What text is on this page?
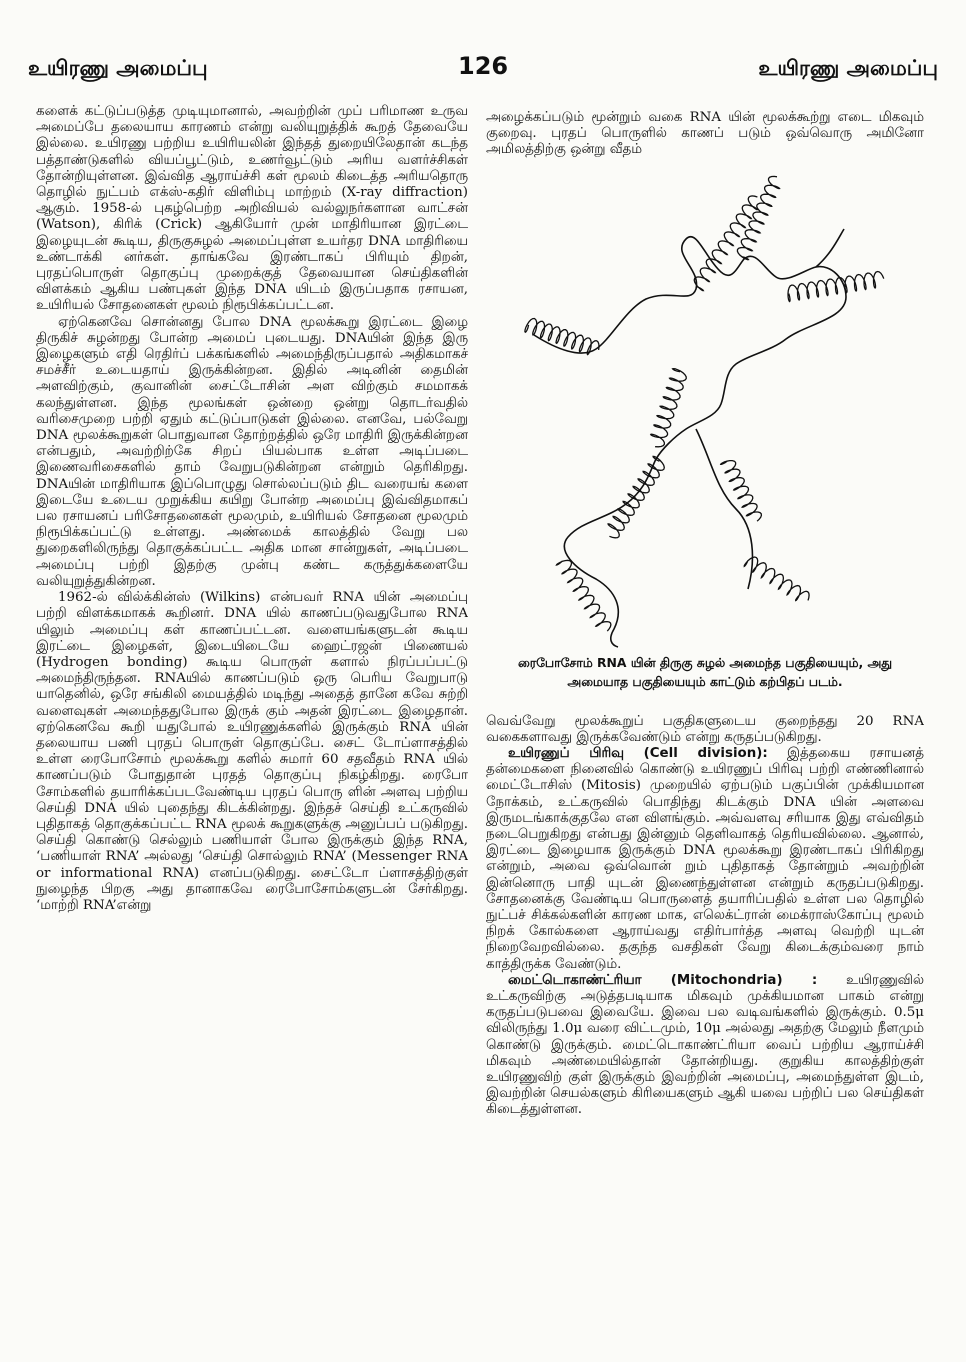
உயிரணு அமைப்பு	126	உயிரணு அமைப்பு

களைக் கட்டுப்படுத்த முடியுமானால், அவற்றின் முப் பரிமாண உருவ அமைப்பே தலையாய காரணம் என்று வலியுறுத்திக் கூறத் தேவையே இல்லை. உயிரணு பற்றிய உயிரியலின் இந்தத் துறையிலேதான் கடந்த பத்தாண்டுகளில் வியப்பூட்டும், உணர்வூட்டும் அரிய வளர்ச்சிகள் தோன்றியுள்ளன. இவ்வித ஆராய்ச்சி கள் மூலம் கிடைத்த அரியதொரு தொழில் நுட்பம் எக்ஸ்-கதிர் விளிம்பு மாற்றம் (X-ray diffraction) ஆகும். 1958-ல் புகழ்பெற்ற அறிவியல் வல்லுநர்களான வாட்சன் (Watson), கிரிக் (Crick) ஆகியோர் முன் மாதிரியான இரட்டை இழையுடன் கூடிய, திருகுசுழல் அமைப்புள்ள உயர்தர DNA மாதிரியை உண்டாக்கி னர்கள். தாங்கவே இரண்டாகப் பிரியும் திறன், புரதப்பொருள் தொகுப்பு முறைக்குத் தேவையான செய்திகளின் விளக்கம் ஆகிய பண்புகள் இந்த DNA யிடம் இருப்பதாக ரசாயன, உயிரியல் சோதனைகள் மூலம் நிரூபிக்கப்பட்டன.

ஏற்கெனவே சொன்னது போல DNA மூலக்கூறு இரட்டை இழை திருகிச் சுழன்றது போன்ற அமைப் புடையது. DNAயின் இந்த இரு இழைகளும் எதி ரெதிர்ப் பக்கங்களில் அமைந்திருப்பதால் அதிகமாகச் சமச்சீர் உடையதாய் இருக்கின்றன. இதில் அடினின் தைமின் அளவிற்கும், குவானின் சைட்டோசின் அள விற்கும் சமமாகக் கலந்துள்ளன. இந்த மூலங்கள் ஒன்றை ஒன்று தொடர்வதில் வரிசைமுறை பற்றி ஏதும் கட்டுப்பாடுகள் இல்லை. எனவே, பல்வேறு DNA மூலக்கூறுகள் பொதுவான தோற்றத்தில் ஒரே மாதிரி இருக்கின்றன என்பதும், அவற்றிற்கே சிறப் பியல்பாக உள்ள அடிப்படை இணைவரிசைகளில் தாம் வேறுபடுகின்றன என்றும் தெரிகிறது. DNAயின் மாதிரியாக இப்பொழுது சொல்லப்படும் திட வரையங் களை இடையே உடைய முறுக்கிய கயிறு போன்ற அமைப்பு இவ்விதமாகப் பல ரசாயனப் பரிசோதனைகள் மூலமும், உயிரியல் சோதனை மூலமும் நிரூபிக்கப்பட்டு உள்ளது. அண்மைக் காலத்தில் வேறு பல துறைகளிலிருந்து தொகுக்கப்பட்ட அதிக மான சான்றுகள், அடிப்படை அமைப்பு பற்றி இதற்கு முன்பு கண்ட கருத்துக்களையே வலியுறுத்துகின்றன.

1962-ல் வில்க்கின்ஸ் (Wilkins) என்பவர் RNA யின் அமைப்பு பற்றி விளக்கமாகக் கூறினர். DNA யில் காணப்படுவதுபோல RNA யிலும் அமைப்பு கள் காணப்பட்டன. வளையங்களுடன் கூடிய இரட்டை இழைகள், இடையிடையே ஹைட்ரஜன் பிணையல் (Hydrogen bonding) கூடிய பொருள் களால் நிரப்பப்பட்டு அமைந்திருந்தன. RNAயில் காணப்படும் ஒரு பெரிய வேறுபாடு யாதெனில், ஒரே சங்கிலி மையத்தில் மடிந்து அதைத் தானே கவே சுற்றி வளைவுகள் அமைந்ததுபோல இருக் கும் அதன் இரட்டை இழைதான். ஏற்கெனவே கூறி யதுபோல் உயிரணுக்களில் இருக்கும் RNA யின் தலையாய பணி புரதப் பொருள் தொகுப்பே. சைட் டோப்ளாசத்தில் உள்ள ரைபோசோம் மூலக்கூறு களில் சுமார் 60 சதவீதம் RNA யில் காணப்படும் போதுதான் புரதத் தொகுப்பு நிகழ்கிறது. ரைபோ சோம்களில் தயாரிக்கப்படவேண்டிய புரதப் பொரு ளின் அளவு பற்றிய செய்தி DNA யில் புதைந்து கிடக்கின்றது. இந்தச் செய்தி உட்கருவில் புதிதாகத் தொகுக்கப்பட்ட RNA மூலக் கூறுகளுக்கு அனுப்பப் படுகிறது. செய்தி கொண்டு செல்லும் பணியாள் போல இருக்கும் இந்த RNA, ‘பணியாள் RNA’ அல்லது ‘செய்தி சொல்லும் RNA’ (Messenger RNA or informational RNA) எனப்படுகிறது. சைட்டோ ப்ளாசத்திற்குள் நுழைந்த பிறகு அது தானாகவே ரைபோசோம்களுடன் சேர்கிறது. ‘மாற்றி RNA’என்று

அழைக்கப்படும் மூன்றும் வகை RNA யின் மூலக்கூற்று எடை மிகவும் குறைவு. புரதப் பொருளில் காணப் படும் ஒவ்வொரு அமினோ அமிலத்திற்கு ஒன்று வீதம்

ரைபோசோம் RNA யின் திருகு சுழல் அமைந்த பகுதியையும், அது அமையாத பகுதியையும் காட்டும் கற்பிதப் படம்.

வெவ்வேறு மூலக்கூறுப் பகுதிகளுடைய குறைந்தது 20 RNA வகைகளாவது இருக்கவேண்டும் என்று கருதப்படுகிறது.

உயிரணுப் பிரிவு (Cell division): இத்தகைய ரசாயனத் தன்மைகளை நினைவில் கொண்டு உயிரணுப் பிரிவு பற்றி எண்ணினால் மைட்டோசிஸ் (Mitosis) முறையில் ஏற்படும் பகுப்பின் முக்கியமான நோக்கம், உட்கருவில் பொதிந்து கிடக்கும் DNA யின் அளவை இருமடங்காக்குதலே என விளங்கும். அவ்வளவு சரியாக இது எவ்விதம் நடைபெறுகிறது என்பது இன்னும் தெளிவாகத் தெரியவில்லை. ஆனால், இரட்டை இழையாக இருக்கும் DNA மூலக்கூறு இரண்டாகப் பிரிகிறது என்றும், அவை ஒவ்வொன் றும் புதிதாகத் தோன்றும் அவற்றின் இன்னொரு பாதி யுடன் இணைந்துள்ளன என்றும் கருதப்படுகிறது. சோதனைக்கு வேண்டிய பொருளைத் தயாரிப்பதில் உள்ள பல தொழில் நுட்பச் சிக்கல்களின் காரண மாக, எலெக்ட்ரான் மைக்ராஸ்கோப்பு மூலம் நிறக் கோல்களை ஆராய்வது எதிர்பார்த்த அளவு வெற்றி யுடன் நிறைவேறவில்லை. தகுந்த வசதிகள் வேறு கிடைக்கும்வரை நாம் காத்திருக்க வேண்டும்.

மைட்டொகாண்ட்ரியா (Mitochondria) : உயிரணுவில் உட்கருவிற்கு அடுத்தபடியாக மிகவும் முக்கியமான பாகம் என்று கருதப்படுபவை இவையே. இவை பல வடிவங்களில் இருக்கும். 0.5μ விலிருந்து 1.0μ வரை விட்டமும், 10μ அல்லது அதற்கு மேலும் நீளமும் கொண்டு இருக்கும். மைட்டொகாண்ட்ரியா வைப் பற்றிய ஆராய்ச்சி மிகவும் அண்மையில்தான் தோன்றியது. குறுகிய காலத்திற்குள் உயிரணுவிற் குள் இருக்கும் இவற்றின் அமைப்பு, அமைந்துள்ள இடம், இவற்றின் செயல்களும் கிரியைகளும் ஆகி யவை பற்றிப் பல செய்திகள் கிடைத்துள்ளன.
